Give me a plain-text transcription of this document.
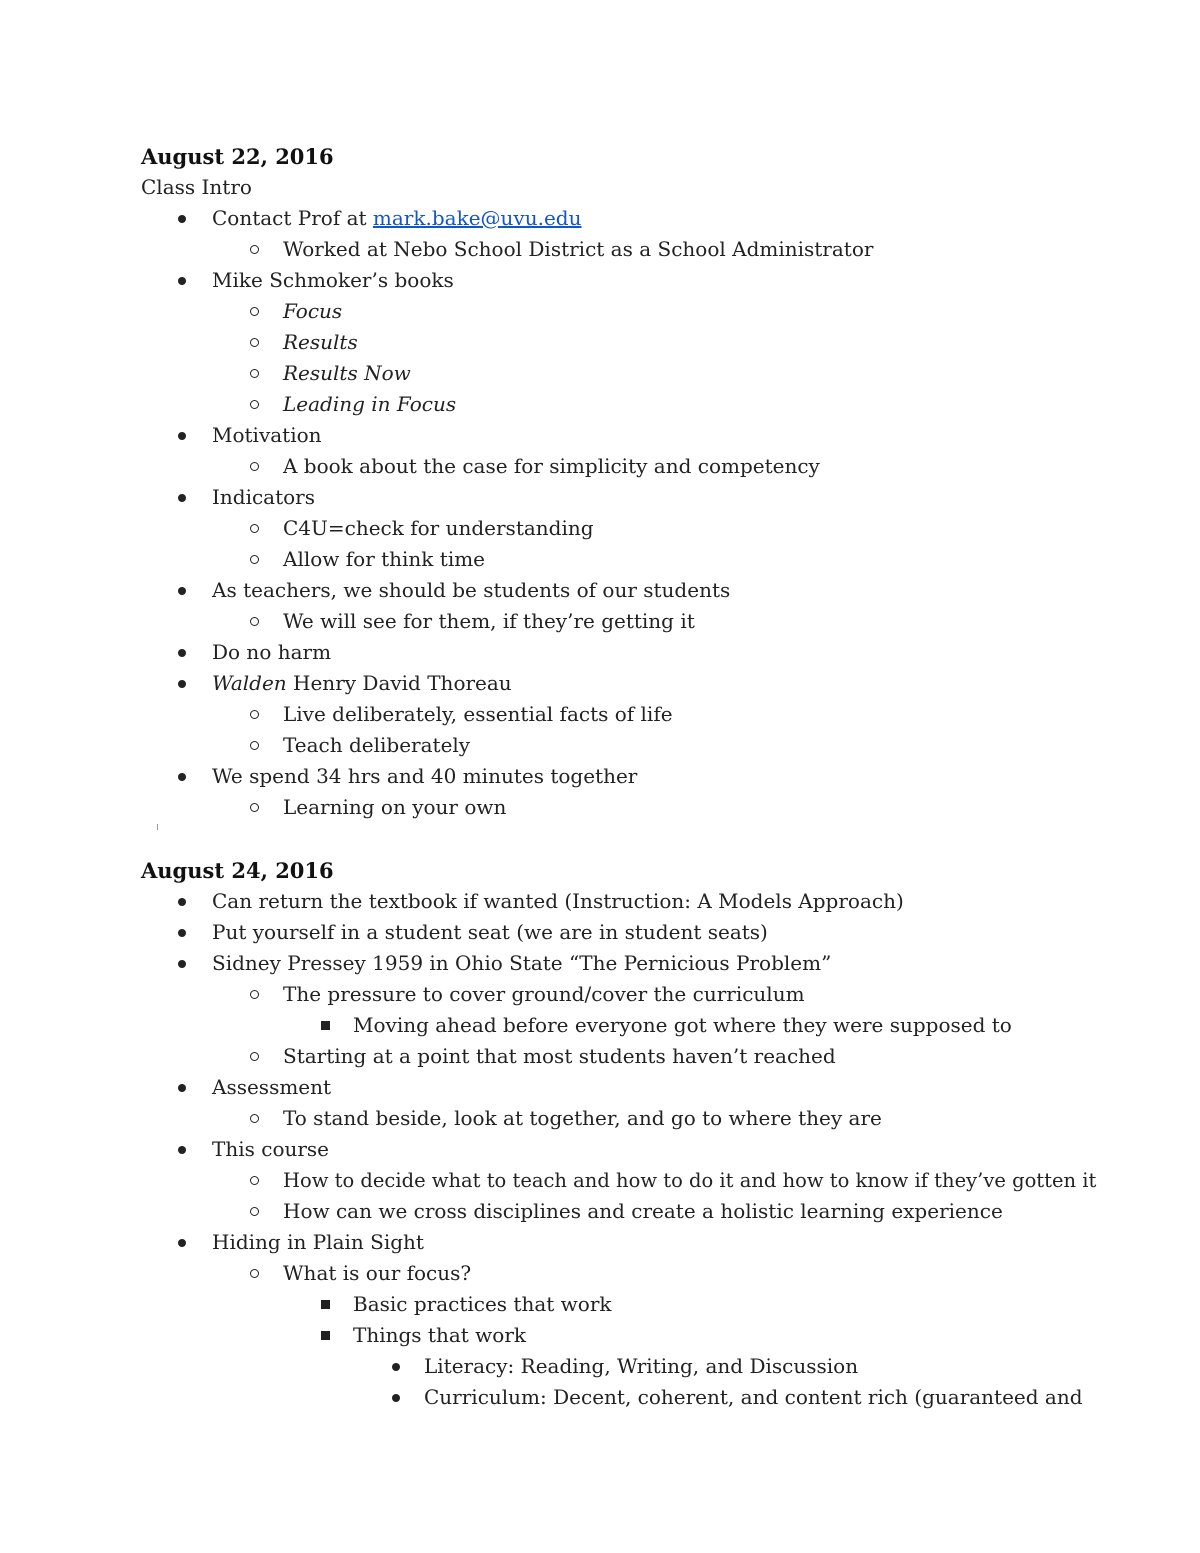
August 22, 2016
Class Intro
Contact Prof at mark.bake@uvu.edu
Worked at Nebo School District as a School Administrator
Mike Schmoker’s books
Focus
Results
Results Now
Leading in Focus
Motivation
A book about the case for simplicity and competency
Indicators
C4U=check for understanding
Allow for think time
As teachers, we should be students of our students
We will see for them, if they’re getting it
Do no harm
Walden Henry David Thoreau
Live deliberately, essential facts of life
Teach deliberately
We spend 34 hrs and 40 minutes together
Learning on your own
August 24, 2016
Can return the textbook if wanted (Instruction: A Models Approach)
Put yourself in a student seat (we are in student seats)
Sidney Pressey 1959 in Ohio State “The Pernicious Problem”
The pressure to cover ground/cover the curriculum
Moving ahead before everyone got where they were supposed to
Starting at a point that most students haven’t reached
Assessment
To stand beside, look at together, and go to where they are
This course
How to decide what to teach and how to do it and how to know if they’ve gotten it
How can we cross disciplines and create a holistic learning experience
Hiding in Plain Sight
What is our focus?
Basic practices that work
Things that work
Literacy: Reading, Writing, and Discussion
Curriculum: Decent, coherent, and content rich (guaranteed and
